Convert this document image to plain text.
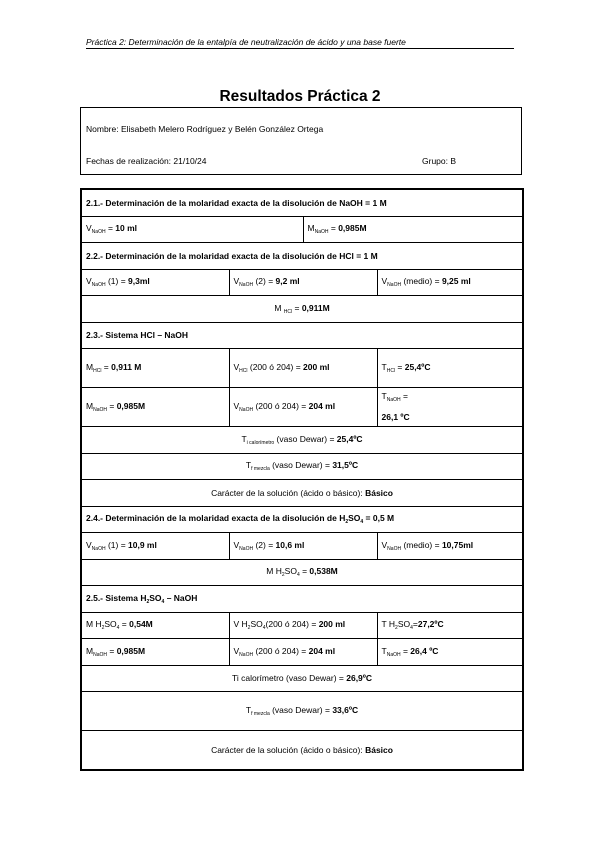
Práctica 2: Determinación de la entalpía de neutralización de ácido y una base fuerte
Resultados Práctica 2
Nombre: Elisabeth Melero Rodríguez y Belén González Ortega
Fechas de realización: 21/10/24	Grupo: B
2.1.- Determinación de la molaridad exacta de la disolución de NaOH = 1 M			
$V_{NaOH} = 10$ ml		$M_{NaOH} = 0,985M$	
2.2.- Determinación de la molaridad exacta de la disolución de HCl = 1 M			
$V_{NaOH}$ (1) = 9,3ml	$V_{NaOH}$ (2) = 9,2 ml		$V_{NaOH}$ (medio) = 9,25 ml
M $_{HCl}$ = 0,911M			
2.3.- Sistema HCl – NaOH			
$M_{HCl} = 0,911$ M	$V_{HCl}$ (200 ó 204) = 200 ml		$T_{HCl}$ = 25,4ºC
$M_{NaOH} = 0,985M$	$V_{NaOH}$ (200 ó 204) = 204 ml		$T_{NaOH}$ =
26,1 ºC
$T_{i calorímetro}$ (vaso Dewar) = 25,4ºC			
$T_{f mezcla}$ (vaso Dewar) = 31,5ºC			
Carácter de la solución (ácido o básico): Básico			
2.4.- Determinación de la molaridad exacta de la disolución de $H_2SO_4 = 0,5$ M			
$V_{NaOH}$ (1) = 10,9 ml	$V_{NaOH}$ (2) = 10,6 ml		$V_{NaOH}$ (medio) = 10,75ml
M $H_2SO_4 = 0,538M$			
2.5.- Sistema $H_2SO_4$ – NaOH			
M $H_2SO_4 = 0,54M$	V $H_2SO_4(200$ ó 204) = 200 ml		T $H_2SO_4=27,2ºC$
$M_{NaOH} = 0,985M$	$V_{NaOH}$ (200 ó 204) = 204 ml		$T_{NaOH} = 26,4$ ºC
Ti calorímetro (vaso Dewar) = 26,9ºC			
$T_{f mezcla}$ (vaso Dewar) = 33,6ºC			
Carácter de la solución (ácido o básico): Básico			
